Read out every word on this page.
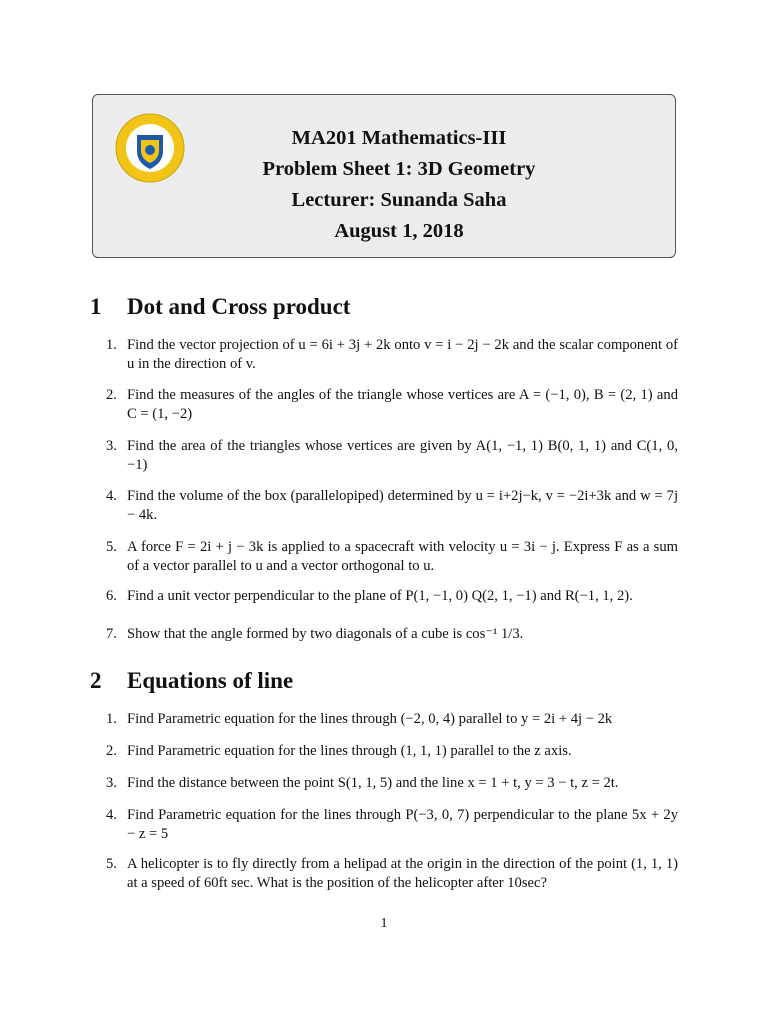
MA201 Mathematics-III
Problem Sheet 1: 3D Geometry
Lecturer: Sunanda Saha
August 1, 2018
1 Dot and Cross product
1. Find the vector projection of u = 6i + 3j + 2k onto v = i − 2j − 2k and the scalar component of u in the direction of v.
2. Find the measures of the angles of the triangle whose vertices are A = (−1, 0), B = (2, 1) and C = (1, −2)
3. Find the area of the triangles whose vertices are given by A(1, −1, 1) B(0, 1, 1) and C(1, 0, −1)
4. Find the volume of the box (parallelopiped) determined by u = i+2j−k, v = −2i+3k and w = 7j − 4k.
5. A force F = 2i + j − 3k is applied to a spacecraft with velocity u = 3i − j. Express F as a sum of a vector parallel to u and a vector orthogonal to u.
6. Find a unit vector perpendicular to the plane of P(1, −1, 0) Q(2, 1, −1) and R(−1, 1, 2).
7. Show that the angle formed by two diagonals of a cube is cos⁻¹ 1/3.
2 Equations of line
1. Find Parametric equation for the lines through (−2, 0, 4) parallel to y = 2i + 4j − 2k
2. Find Parametric equation for the lines through (1, 1, 1) parallel to the z axis.
3. Find the distance between the point S(1, 1, 5) and the line x = 1 + t, y = 3 − t, z = 2t.
4. Find Parametric equation for the lines through P(−3, 0, 7) perpendicular to the plane 5x + 2y − z = 5
5. A helicopter is to fly directly from a helipad at the origin in the direction of the point (1, 1, 1) at a speed of 60ft sec. What is the position of the helicopter after 10sec?
1
